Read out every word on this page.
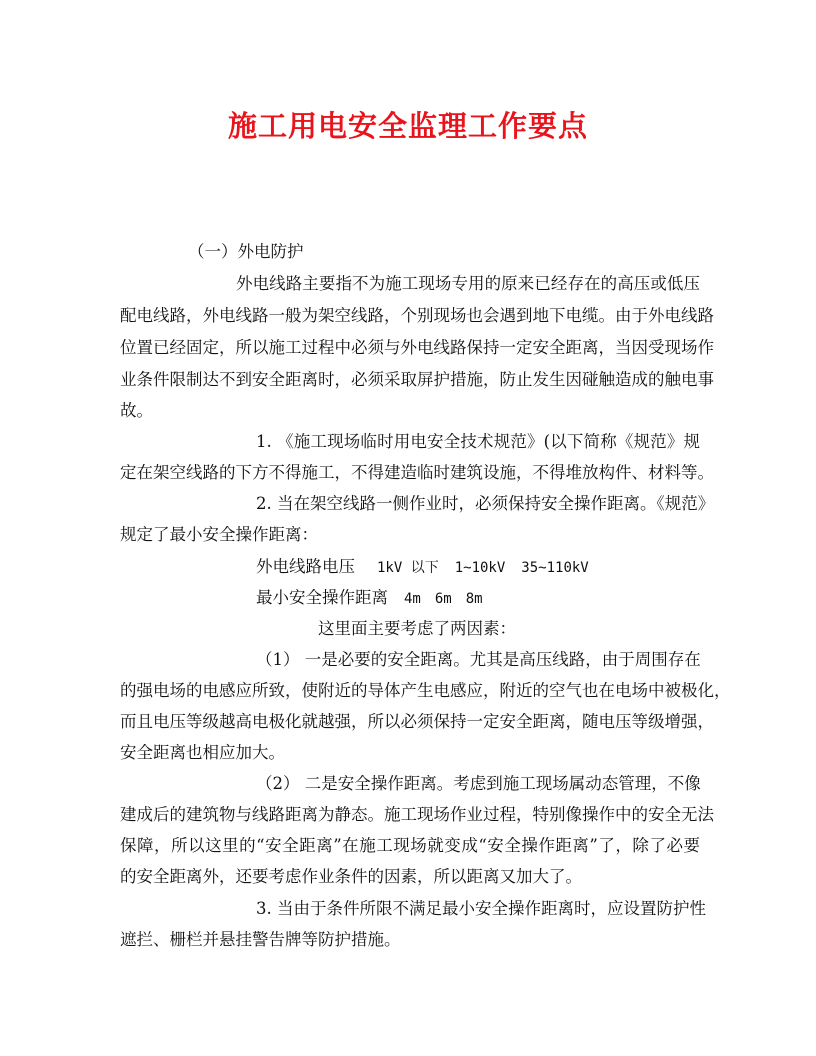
施工用电安全监理工作要点
（一）外电防护
外电线路主要指不为施工现场专用的原来已经存在的高压或低压
配电线路，外电线路一般为架空线路，个别现场也会遇到地下电缆。由于外电线路
位置已经固定，所以施工过程中必须与外电线路保持一定安全距离，当因受现场作
业条件限制达不到安全距离时，必须采取屏护措施，防止发生因碰触造成的触电事
故。
1. 《施工现场临时用电安全技术规范》(以下简称《规范》规
定在架空线路的下方不得施工，不得建造临时建筑设施，不得堆放构件、材料等。
2. 当在架空线路一侧作业时，必须保持安全操作距离。《规范》
规定了最小安全操作距离：
外电线路电压 1kV 以下 1~10kV 35~110kV
最小安全操作距离 4m 6m 8m
这里面主要考虑了两因素：
（1） 一是必要的安全距离。尤其是高压线路，由于周围存在
的强电场的电感应所致，使附近的导体产生电感应，附近的空气也在电场中被极化，
而且电压等级越高电极化就越强，所以必须保持一定安全距离，随电压等级增强，
安全距离也相应加大。
（2） 二是安全操作距离。考虑到施工现场属动态管理，不像
建成后的建筑物与线路距离为静态。施工现场作业过程，特别像操作中的安全无法
保障，所以这里的“安全距离”在施工现场就变成“安全操作距离”了，除了必要
的安全距离外，还要考虑作业条件的因素，所以距离又加大了。
3. 当由于条件所限不满足最小安全操作距离时，应设置防护性
遮拦、栅栏并悬挂警告牌等防护措施。
